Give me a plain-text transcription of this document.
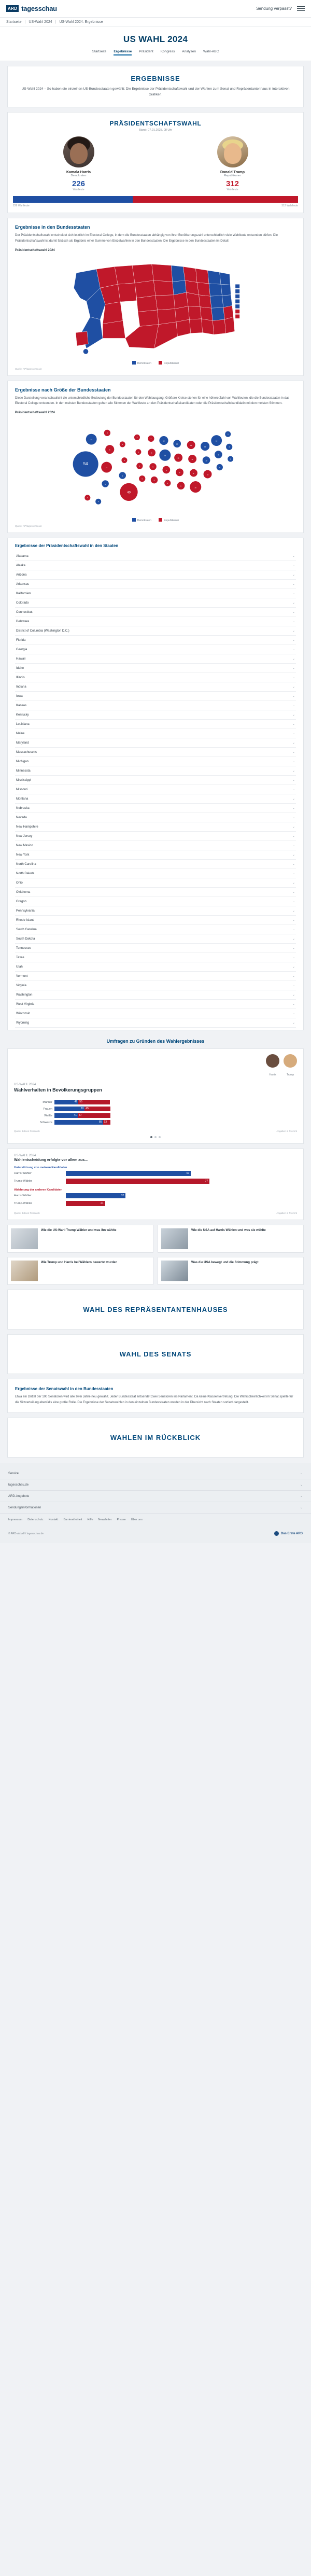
ARD tagesschau	Sendung verpasst?
Startseite | US-Wahl 2024 | US-Wahl 2024: Ergebnisse
US WAHL 2024
Startseite Ergebnisse Präsident Kongress Analysen Wahl-ABC
ERGEBNISSE
US-Wahl 2024 – So haben die einzelnen US-Bundesstaaten gewählt: Die Ergebnisse der Präsidentschaftswahl und der Wahlen zum Senat und Repräsentantenhaus in interaktiven Grafiken.
PRÄSIDENTSCHAFTSWAHL
Stand: 07.01.2025, 08 Uhr
Kamala Harris
Demokraten
226
Wahlleute
Donald Trump
Republikaner
312
Wahlleute
226 Wahlleute	312 Wahlleute
Ergebnisse in den Bundesstaaten

Der Präsidentschaftswahl entscheidet sich letztlich im Electoral College, in dem die Bundesstaaten abhängig von ihrer Bevölkerungszahl unterschiedlich viele Wahlleute entsenden dürfen. Die Präsidentschaftswahl ist damit faktisch als Ergebnis einer Summe von Einzelwahlen in den Bundesstaaten. Die Ergebnisse in den Bundesstaaten im Detail:

Präsidentschaftswahl 2024
Demokraten	Republikaner
Quelle: AP/tagesschau.de
Ergebnisse nach Größe der Bundesstaaten

Diese Darstellung veranschaulicht die unterschiedliche Bedeutung der Bundesstaaten für den Wahlausgang: Größere Kreise stehen für eine höhere Zahl von Wahlleuten, die die Bundesstaaten in das Electoral College entsenden. In den meisten Bundesstaaten gehen alle Stimmen der Wahlleute an den Präsidentschaftskandidaten oder die Präsidentschaftskandidatin mit den meisten Stimmen.

Präsidentschaftswahl 2024
54
12
4
6
11
6
4
3
5
40
3
3
5
6
4
6
6
8
10
19
8
6
10
11
8
9
15
11
9
30
15
10
16
19
7
4
3
4
3
3
4
Demokraten	Republikaner
Quelle: AP/tagesschau.de
Ergebnisse der Präsidentschaftswahl in den Staaten
Alabama	⌄
Alaska	⌄
Arizona	⌄
Arkansas	⌄
Kalifornien	⌄
Colorado	⌄
Connecticut	⌄
Delaware	⌄
District of Columbia (Washington D.C.)	⌄
Florida	⌄
Georgia	⌄
Hawaii	⌄
Idaho	⌄
Illinois	⌄
Indiana	⌄
Iowa	⌄
Kansas	⌄
Kentucky	⌄
Louisiana	⌄
Maine	⌄
Maryland	⌄
Massachusetts	⌄
Michigan	⌄
Minnesota	⌄
Mississippi	⌄
Missouri	⌄
Montana	⌄
Nebraska	⌄
Nevada	⌄
New Hampshire	⌄
New Jersey	⌄
New Mexico	⌄
New York	⌄
North Carolina	⌄
North Dakota	⌄
Ohio	⌄
Oklahoma	⌄
Oregon	⌄
Pennsylvania	⌄
Rhode Island	⌄
South Carolina	⌄
South Dakota	⌄
Tennessee	⌄
Texas	⌄
Utah	⌄
Vermont	⌄
Virginia	⌄
Washington	⌄
West Virginia	⌄
Wisconsin	⌄
Wyoming	⌄
Umfragen zu Gründen des Wahlergebnisses
Harris	Trump
US-WAHL 2024
Wahlverhalten in Bevölkerungsgruppen
Männer	42 55
Frauen	53 45
Weiße	41 57
Schwarze	85 13
Quelle: Edison Research	Angaben in Prozent
US-WAHL 2024
Wahlentscheidung erfolgte vor allem aus...
Unterstützung von meinem Kandidaten
Harris-Wähler	67
Trump-Wähler	77
Ablehnung der anderen Kandidaten
Harris-Wähler	32
Trump-Wähler	21
Quelle: Edison Research	Angaben in Prozent
Wie die US-Wahl Trump Wähler und was ihn wählte	Wie die USA auf Harris Wählen und was sie wählte
Wie Trump und Harris bei Wählern bewertet wurden	Was die USA bewegt und die Stimmung prägt
WAHL DES REPRÄSENTANTENHAUSES
WAHL DES SENATS
Ergebnisse der Senatswahl in den Bundesstaaten

Etwa ein Drittel der 100 Senatoren wird alle zwei Jahre neu gewählt. Jeder Bundesstaat entsendet zwei Senatoren ins Parlament. Da keine Klassenvertretung. Die Wahrscheinlichkeit im Senat spielte für die Sitzverteilung ebenfalls eine große Rolle. Die Ergebnisse der Senatswahlen in den einzelnen Bundesstaaten werden in der Übersicht nach Staaten sortiert dargestellt.

WAHLEN IM RÜCKBLICK
Service	⌄
tagesschau.de	⌄
ARD-Angebote	⌄
Sendungsinformationen	⌄
Impressum Datenschutz Kontakt Barrierefreiheit Hilfe Newsletter Presse Über uns
© ARD-aktuell / tagesschau.de	Das Erste ARD
